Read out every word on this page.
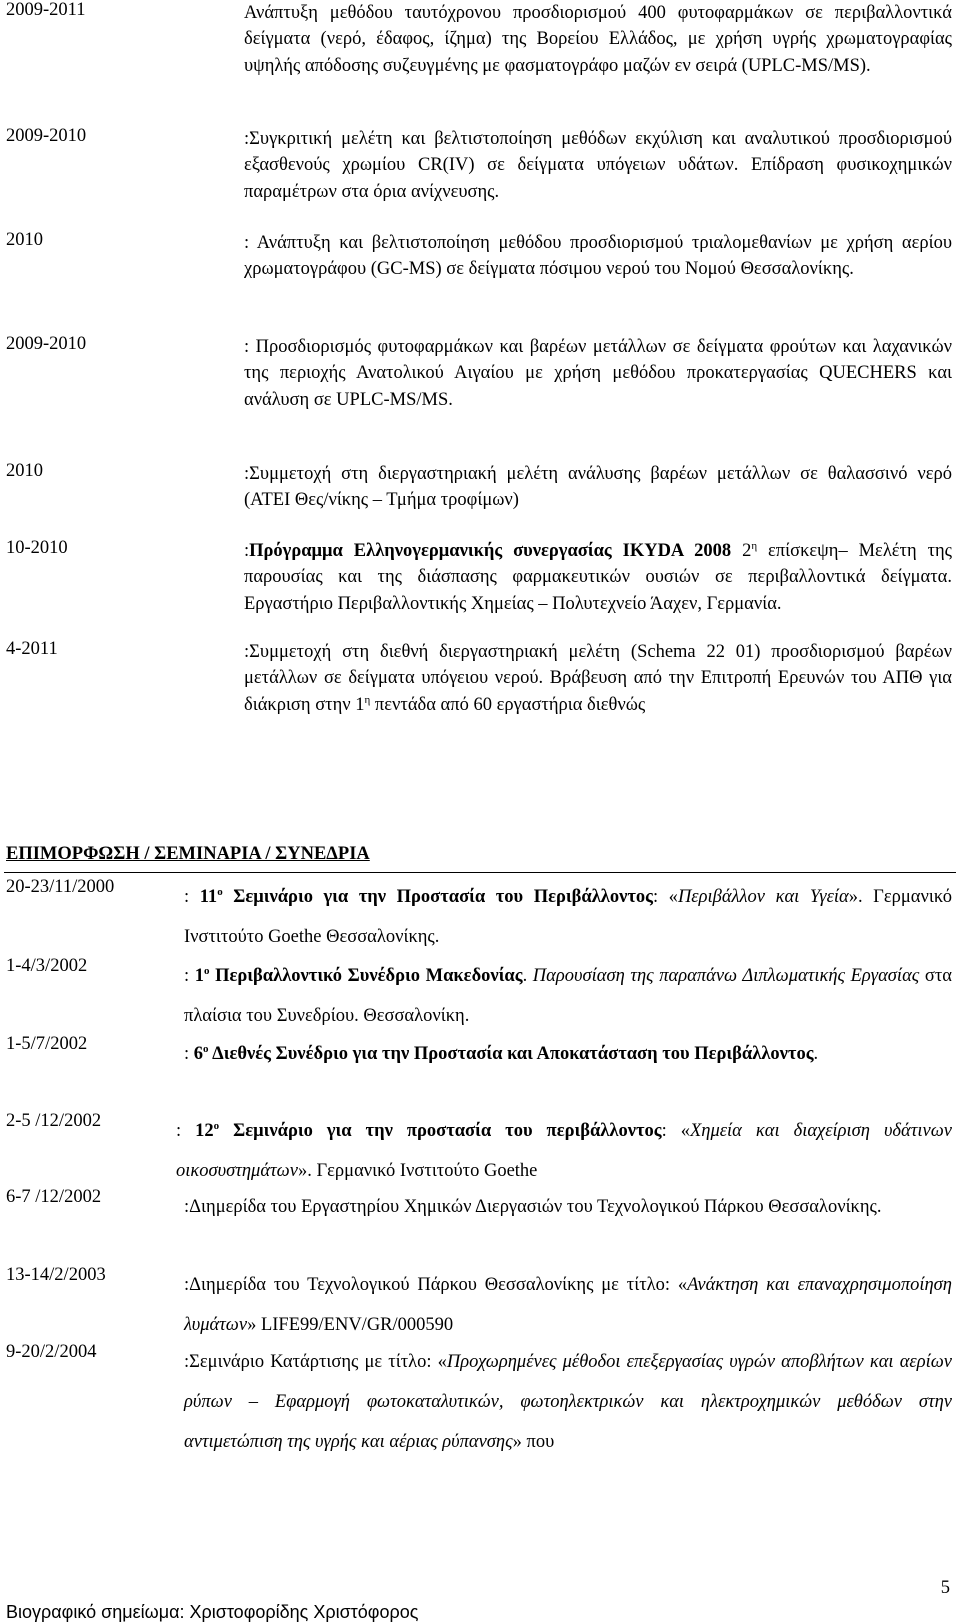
2009-2011	Ανάπτυξη μεθόδου ταυτόχρονου προσδιορισμού 400 φυτοφαρμάκων σε περιβαλλοντικά δείγματα (νερό, έδαφος, ίζημα) της Βορείου Ελλάδος, με χρήση υγρής χρωματογραφίας υψηλής απόδοσης συζευγμένης με φασματογράφο μαζών εν σειρά (UPLC-MS/MS).
2009-2010	:Συγκριτική μελέτη και βελτιστοποίηση μεθόδων εκχύλιση και αναλυτικού προσδιορισμού εξασθενούς χρωμίου CR(IV) σε δείγματα υπόγειων υδάτων. Επίδραση φυσικοχημικών παραμέτρων στα όρια ανίχνευσης.
2010	: Ανάπτυξη και βελτιστοποίηση μεθόδου προσδιορισμού τριαλομεθανίων με χρήση αερίου χρωματογράφου (GC-MS) σε δείγματα πόσιμου νερού του Νομού Θεσσαλονίκης.
2009-2010	: Προσδιορισμός φυτοφαρμάκων και βαρέων μετάλλων σε δείγματα φρούτων και λαχανικών της περιοχής Ανατολικού Αιγαίου με χρήση μεθόδου προκατεργασίας QUECHERS και ανάλυση σε UPLC-MS/MS.
2010	:Συμμετοχή στη διεργαστηριακή μελέτη ανάλυσης βαρέων μετάλλων σε θαλασσινό νερό (ΑΤΕΙ Θες/νίκης – Τμήμα τροφίμων)
10-2010	:Πρόγραμμα Ελληνογερμανικής συνεργασίας IKYDA 2008 $2^\eta$ επίσκεψη– Μελέτη της παρουσίας και της διάσπασης φαρμακευτικών ουσιών σε περιβαλλοντικά δείγματα. Εργαστήριο Περιβαλλοντικής Χημείας – Πολυτεχνείο Άαχεν, Γερμανία.
4-2011	:Συμμετοχή στη διεθνή διεργαστηριακή μελέτη (Schema 22 01) προσδιορισμού βαρέων μετάλλων σε δείγματα υπόγειου νερού. Βράβευση από την Επιτροπή Ερευνών του ΑΠΘ για διάκριση στην $1^\eta$ πεντάδα από 60 εργαστήρια διεθνώς
ΕΠΙΜΟΡΦΩΣΗ / ΣΕΜΙΝΑΡΙΑ / ΣΥΝΕΔΡΙΑ
20-23/11/2000	: $11^o$ Σεμινάριο για την Προστασία του Περιβάλλοντος: «Περιβάλλον και Υγεία». Γερμανικό Ινστιτούτο Goethe Θεσσαλονίκης.
1-4/3/2002	: $1^o$ Περιβαλλοντικό Συνέδριο Μακεδονίας. Παρουσίαση της παραπάνω Διπλωματικής Εργασίας στα πλαίσια του Συνεδρίου. Θεσσαλονίκη.
1-5/7/2002	: $6^o$ Διεθνές Συνέδριο για την Προστασία και Αποκατάσταση του Περιβάλλοντος.
2-5 /12/2002	: $12^o$ Σεμινάριο για την προστασία του περιβάλλοντος: «Χημεία και διαχείριση υδάτινων οικοσυστημάτων». Γερμανικό Ινστιτούτο Goethe
6-7 /12/2002	:Διημερίδα του Εργαστηρίου Χημικών Διεργασιών του Τεχνολογικού Πάρκου Θεσσαλονίκης.
13-14/2/2003	:Διημερίδα του Τεχνολογικού Πάρκου Θεσσαλονίκης με τίτλο: «Ανάκτηση και επαναχρησιμοποίηση λυμάτων» LIFE99/ENV/GR/000590
9-20/2/2004	:Σεμινάριο Κατάρτισης με τίτλο: «Προχωρημένες μέθοδοι επεξεργασίας υγρών αποβλήτων και αερίων ρύπων – Εφαρμογή φωτοκαταλυτικών, φωτοηλεκτρικών και ηλεκτροχημικών μεθόδων στην αντιμετώπιση της υγρής και αέριας ρύπανσης» που
5
Βιογραφικό σημείωμα: Χριστοφορίδης Χριστόφορος
